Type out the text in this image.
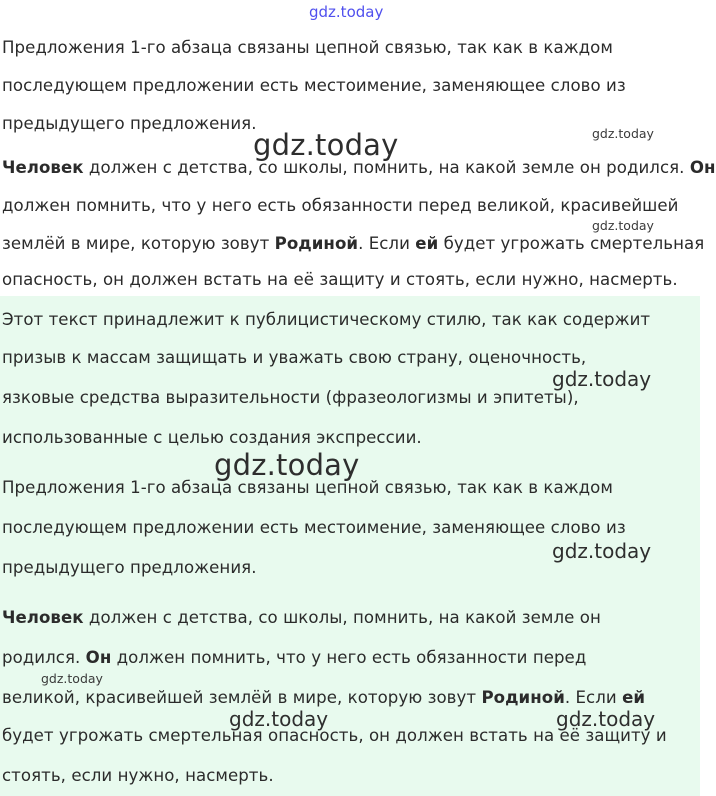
Предложения 1-го абзаца связаны цепной связью, так как в каждом
последующем предложении есть местоимение, заменяющее слово из
предыдущего предложения.
Человек должен с детства, со школы, помнить, на какой земле он родился. Он
должен помнить, что у него есть обязанности перед великой, красивейшей
землёй в мире, которую зовут Родиной. Если ей будет угрожать смертельная
опасность, он должен встать на её защиту и стоять, если нужно, насмерть.
Этот текст принадлежит к публицистическому стилю, так как содержит
призыв к массам защищать и уважать свою страну, оценочность,
язковые средства выразительности (фразеологизмы и эпитеты),
использованные с целью создания экспрессии.
Предложения 1-го абзаца связаны цепной связью, так как в каждом
последующем предложении есть местоимение, заменяющее слово из
предыдущего предложения.
Человек должен с детства, со школы, помнить, на какой земле он
родился. Он должен помнить, что у него есть обязанности перед
великой, красивейшей землёй в мире, которую зовут Родиной. Если ей
будет угрожать смертельная опасность, он должен встать на её защиту и
стоять, если нужно, насмерть.
gdz.today
gdz.today	gdz.today
gdz.today
gdz.today
gdz.today
gdz.today
gdz.today
gdz.today	gdz.today
